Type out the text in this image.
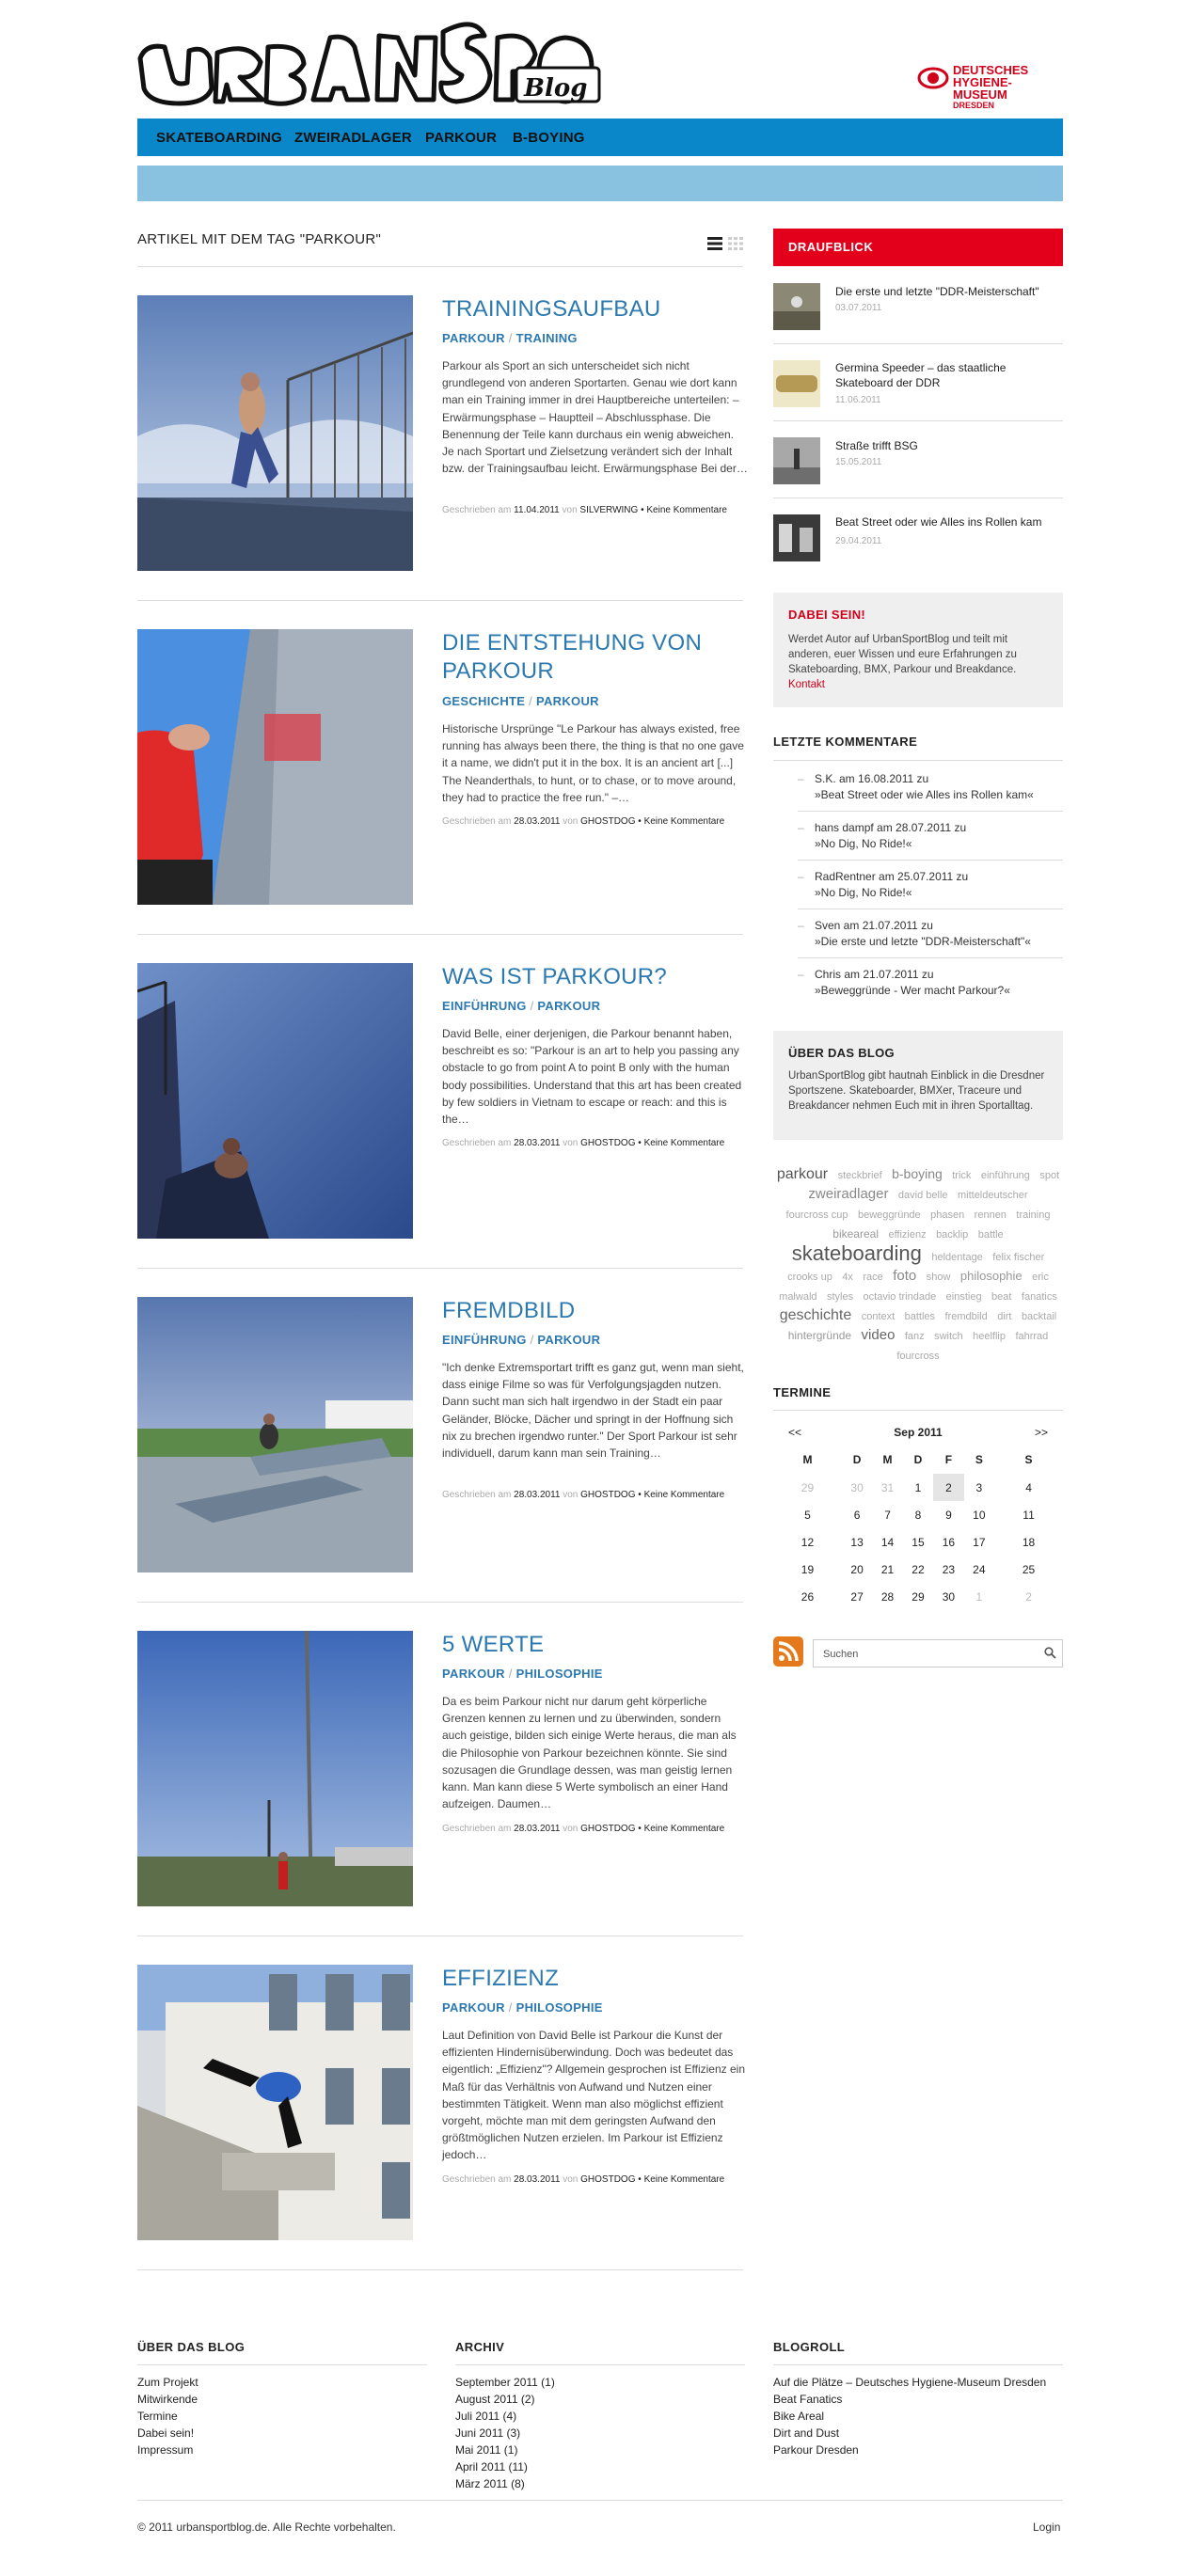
Blog
DEUTSCHES
HYGIENE-MUSEUM
DRESDEN
SKATEBOARDING ZWEIRADLAGER PARKOUR B-BOYING
ARTIKEL MIT DEM TAG "PARKOUR"
TRAININGSAUFBAU
PARKOUR / TRAINING
Parkour als Sport an sich unterscheidet sich nicht grundlegend von anderen Sportarten. Genau wie dort kann man ein Training immer in drei Hauptbereiche unterteilen: – Erwärmungsphase – Hauptteil – Abschlussphase. Die Benennung der Teile kann durchaus ein wenig abweichen. Je nach Sportart und Zielsetzung verändert sich der Inhalt bzw. der Trainingsaufbau leicht. Erwärmungsphase Bei der…
Geschrieben am 11.04.2011 von SILVERWING • Keine Kommentare
DIE ENTSTEHUNG VON PARKOUR
GESCHICHTE / PARKOUR
Historische Ursprünge "Le Parkour has always existed, free running has always been there, the thing is that no one gave it a name, we didn't put it in the box. It is an ancient art [...] The Neanderthals, to hunt, or to chase, or to move around, they had to practice the free run." –…
Geschrieben am 28.03.2011 von GHOSTDOG • Keine Kommentare
WAS IST PARKOUR?
EINFÜHRUNG / PARKOUR
David Belle, einer derjenigen, die Parkour benannt haben, beschreibt es so: "Parkour is an art to help you passing any obstacle to go from point A to point B only with the human body possibilities. Understand that this art has been created by few soldiers in Vietnam to escape or reach: and this is the…
Geschrieben am 28.03.2011 von GHOSTDOG • Keine Kommentare
FREMDBILD
EINFÜHRUNG / PARKOUR
"Ich denke Extremsportart trifft es ganz gut, wenn man sieht, dass einige Filme so was für Verfolgungsjagden nutzen. Dann sucht man sich halt irgendwo in der Stadt ein paar Geländer, Blöcke, Dächer und springt in der Hoffnung sich nix zu brechen irgendwo runter." Der Sport Parkour ist sehr individuell, darum kann man sein Training…
Geschrieben am 28.03.2011 von GHOSTDOG • Keine Kommentare
5 WERTE
PARKOUR / PHILOSOPHIE
Da es beim Parkour nicht nur darum geht körperliche Grenzen kennen zu lernen und zu überwinden, sondern auch geistige, bilden sich einige Werte heraus, die man als die Philosophie von Parkour bezeichnen könnte. Sie sind sozusagen die Grundlage dessen, was man geistig lernen kann. Man kann diese 5 Werte symbolisch an einer Hand aufzeigen. Daumen…
Geschrieben am 28.03.2011 von GHOSTDOG • Keine Kommentare
EFFIZIENZ
PARKOUR / PHILOSOPHIE
Laut Definition von David Belle ist Parkour die Kunst der effizienten Hindernisüberwindung. Doch was bedeutet das eigentlich: „Effizienz"? Allgemein gesprochen ist Effizienz ein Maß für das Verhältnis von Aufwand und Nutzen einer bestimmten Tätigkeit. Wenn man also möglichst effizient vorgeht, möchte man mit dem geringsten Aufwand den größtmöglichen Nutzen erzielen. Im Parkour ist Effizienz jedoch…
Geschrieben am 28.03.2011 von GHOSTDOG • Keine Kommentare
DRAUFBLICK
Die erste und letzte "DDR-Meisterschaft"
03.07.2011
Germina Speeder – das staatliche Skateboard der DDR
11.06.2011
Straße trifft BSG
15.05.2011
Beat Street oder wie Alles ins Rollen kam
29.04.2011
DABEI SEIN!
Werdet Autor auf UrbanSportBlog und teilt mit anderen, euer Wissen und eure Erfahrungen zu Skateboarding, BMX, Parkour und Breakdance.
Kontakt
LETZTE KOMMENTARE
– S.K. am 16.08.2011 zu
»Beat Street oder wie Alles ins Rollen kam«
– hans dampf am 28.07.2011 zu
»No Dig, No Ride!«
– RadRentner am 25.07.2011 zu
»No Dig, No Ride!«
– Sven am 21.07.2011 zu
»Die erste und letzte "DDR-Meisterschaft"«
– Chris am 21.07.2011 zu
»Beweggründe - Wer macht Parkour?«
ÜBER DAS BLOG
UrbanSportBlog gibt hautnah Einblick in die Dresdner Sportszene. Skateboarder, BMXer, Traceure und Breakdancer nehmen Euch mit in ihren Sportalltag.
parkour steckbrief b-boying trick einführung spot zweiradlager david belle mitteldeutscher fourcross cup beweggründe phasen rennen training bikeareal effizienz backlip battle skateboarding heldentage felix fischer crooks up 4x race foto show philosophie eric malwald styles octavio trindade einstieg beat fanatics geschichte context battles fremdbild dirt backtail hintergründe video fanz switch heelflip fahrrad fourcross
TERMINE
<<	Sep 2011					>>
M	D	M	D	F	S	S
29	30	31	1	2	3	4
5	6	7	8	9	10	11
12	13	14	15	16	17	18
19	20	21	22	23	24	25
26	27	28	29	30	1	2
Suchen
ÜBER DAS BLOG
Zum Projekt
Mitwirkende
Termine
Dabei sein!
Impressum
ARCHIV
September 2011 (1)
August 2011 (2)
Juli 2011 (4)
Juni 2011 (3)
Mai 2011 (1)
April 2011 (11)
März 2011 (8)
BLOGROLL
Auf die Plätze – Deutsches Hygiene-Museum Dresden
Beat Fanatics
Bike Areal
Dirt and Dust
Parkour Dresden
© 2011 urbansportblog.de. Alle Rechte vorbehalten.	Login
